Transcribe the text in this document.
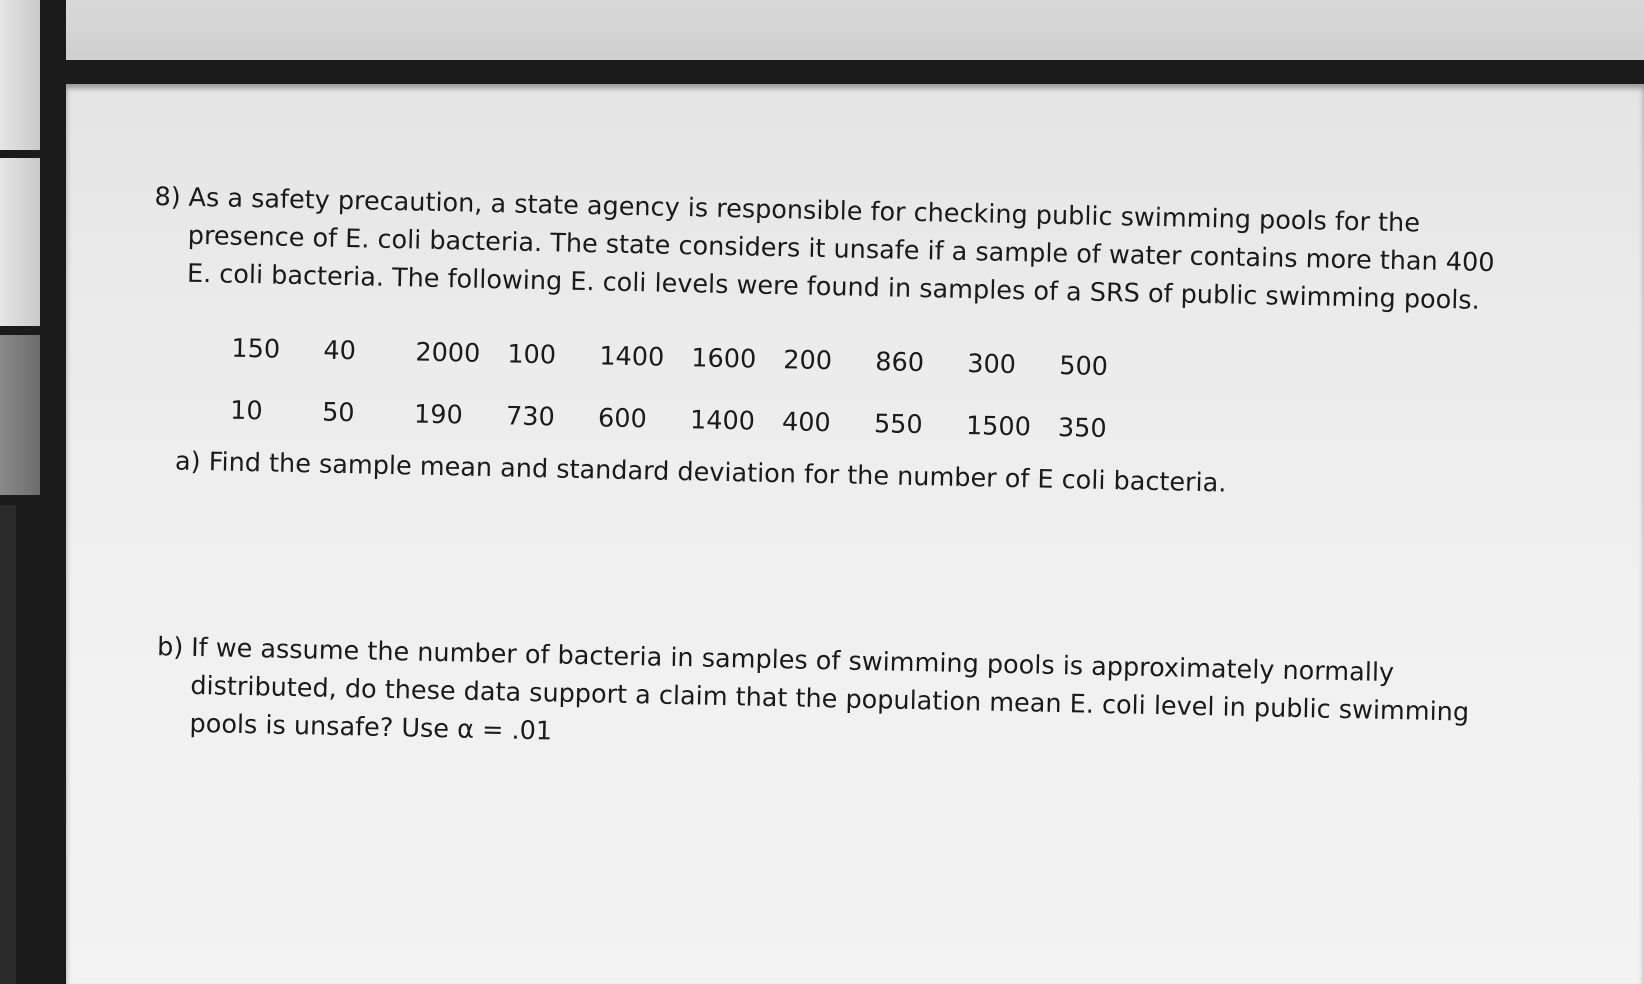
8) As a safety precaution, a state agency is responsible for checking public swimming pools for the presence of E. coli bacteria. The state considers it unsafe if a sample of water contains more than 400 E. coli bacteria. The following E. coli levels were found in samples of a SRS of public swimming pools.
150	40	2000	100	1400	1600	200	860	300	500
10	50	190	730	600	1400	400	550	1500	350
a) Find the sample mean and standard deviation for the number of E coli bacteria.
b) If we assume the number of bacteria in samples of swimming pools is approximately normally distributed, do these data support a claim that the population mean E. coli level in public swimming pools is unsafe? Use α = .01
